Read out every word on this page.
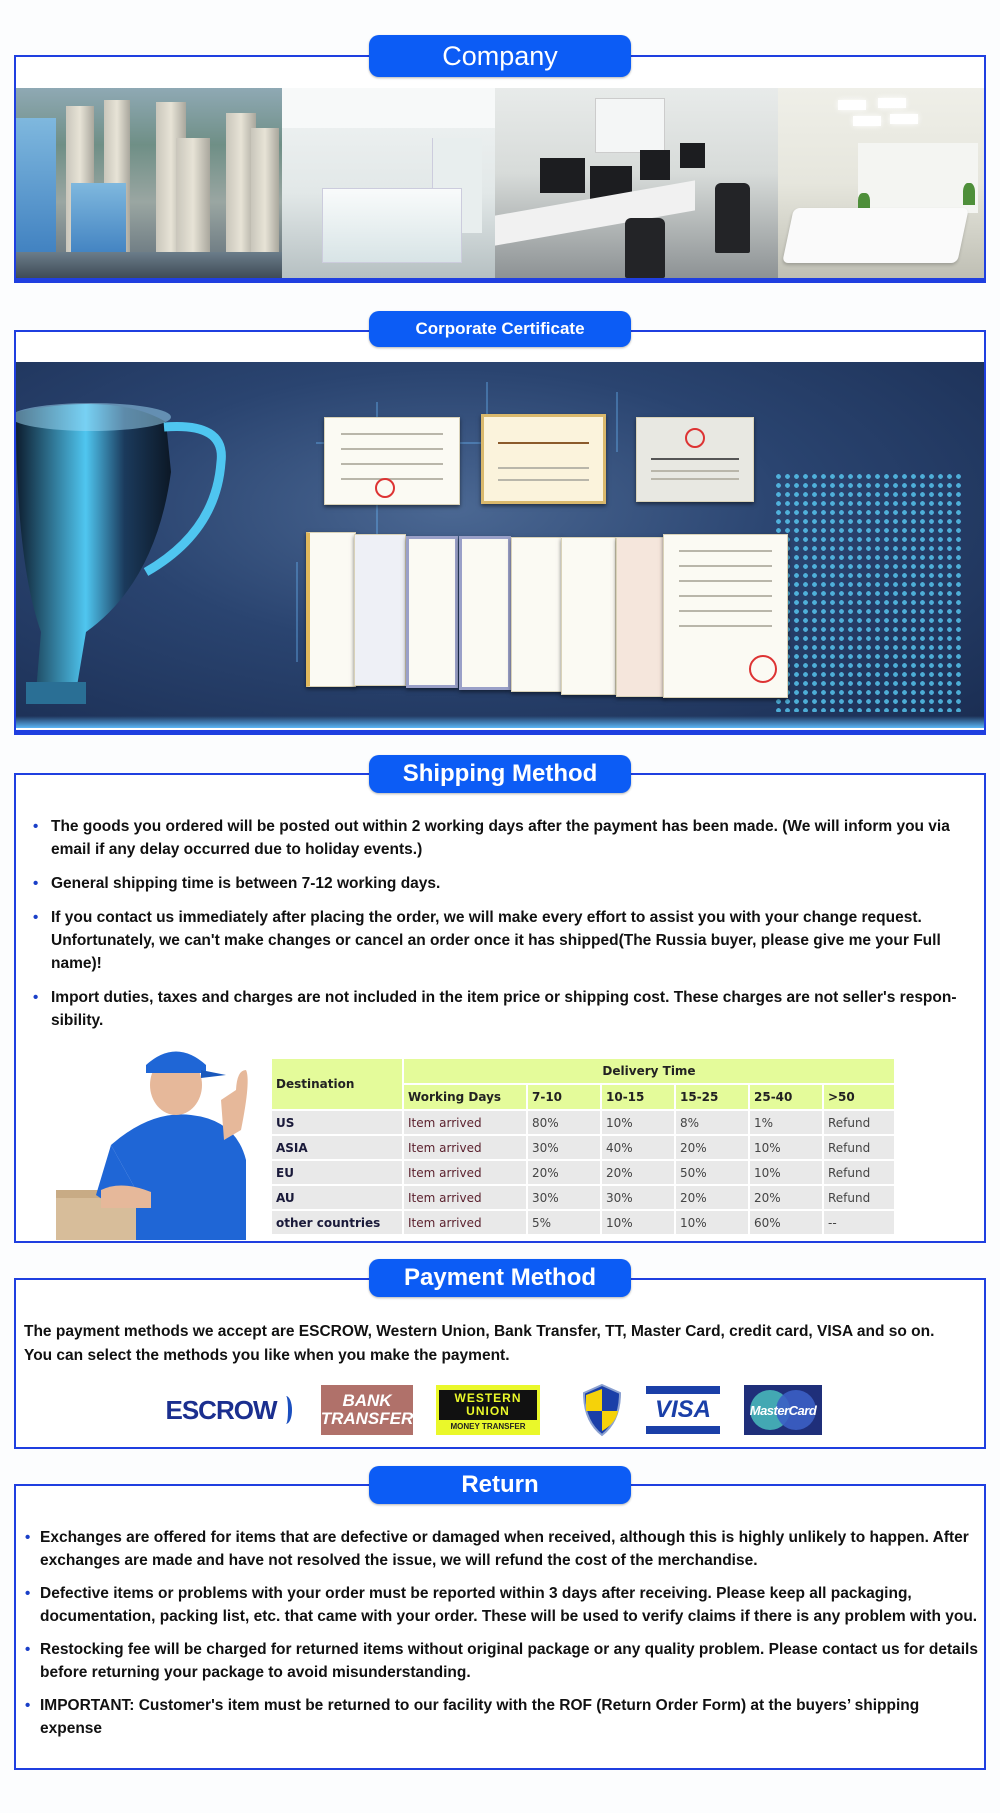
Company
Corporate Certificate
• The goods you ordered will be posted out within 2 working days after the payment has been made. (We will inform you via email if any delay occurred due to holiday events.)
• General shipping time is between 7-12 working days.
• If you contact us immediately after placing the order, we will make every effort to assist you with your change request. Unfortunately, we can't make changes or cancel an order once it has shipped(The Russia buyer, please give me your Full name)!
• Import duties, taxes and charges are not included in the item price or shipping cost. These charges are not seller's respon-sibility.
Destination	Delivery Time					
	Working Days	7-10	10-15	15-25	25-40	>50
US	Item arrived	80%	10%	8%	1%	Refund
ASIA	Item arrived	30%	40%	20%	10%	Refund
EU	Item arrived	20%	20%	50%	10%	Refund
AU	Item arrived	30%	30%	20%	20%	Refund
other countries	Item arrived	5%	10%	10%	60%	--
Shipping Method
The payment methods we accept are ESCROW, Western Union, Bank Transfer, TT, Master Card, credit card, VISA and so on.
You can select the methods you like when you make the payment.
ESCROW	BANK
TRANSFER
WESTERN
UNION
MONEY TRANSFER
VISA	MasterCard
Payment Method
• Exchanges are offered for items that are defective or damaged when received, although this is highly unlikely to happen. After exchanges are made and have not resolved the issue, we will refund the cost of the merchandise.
• Defective items or problems with your order must be reported within 3 days after receiving. Please keep all packaging, documentation, packing list, etc. that came with your order. These will be used to verify claims if there is any problem with you.
• Restocking fee will be charged for returned items without original package or any quality problem. Please contact us for details before returning your package to avoid misunderstanding.
• IMPORTANT: Customer's item must be returned to our facility with the ROF (Return Order Form) at the buyers’ shipping expense
Return
